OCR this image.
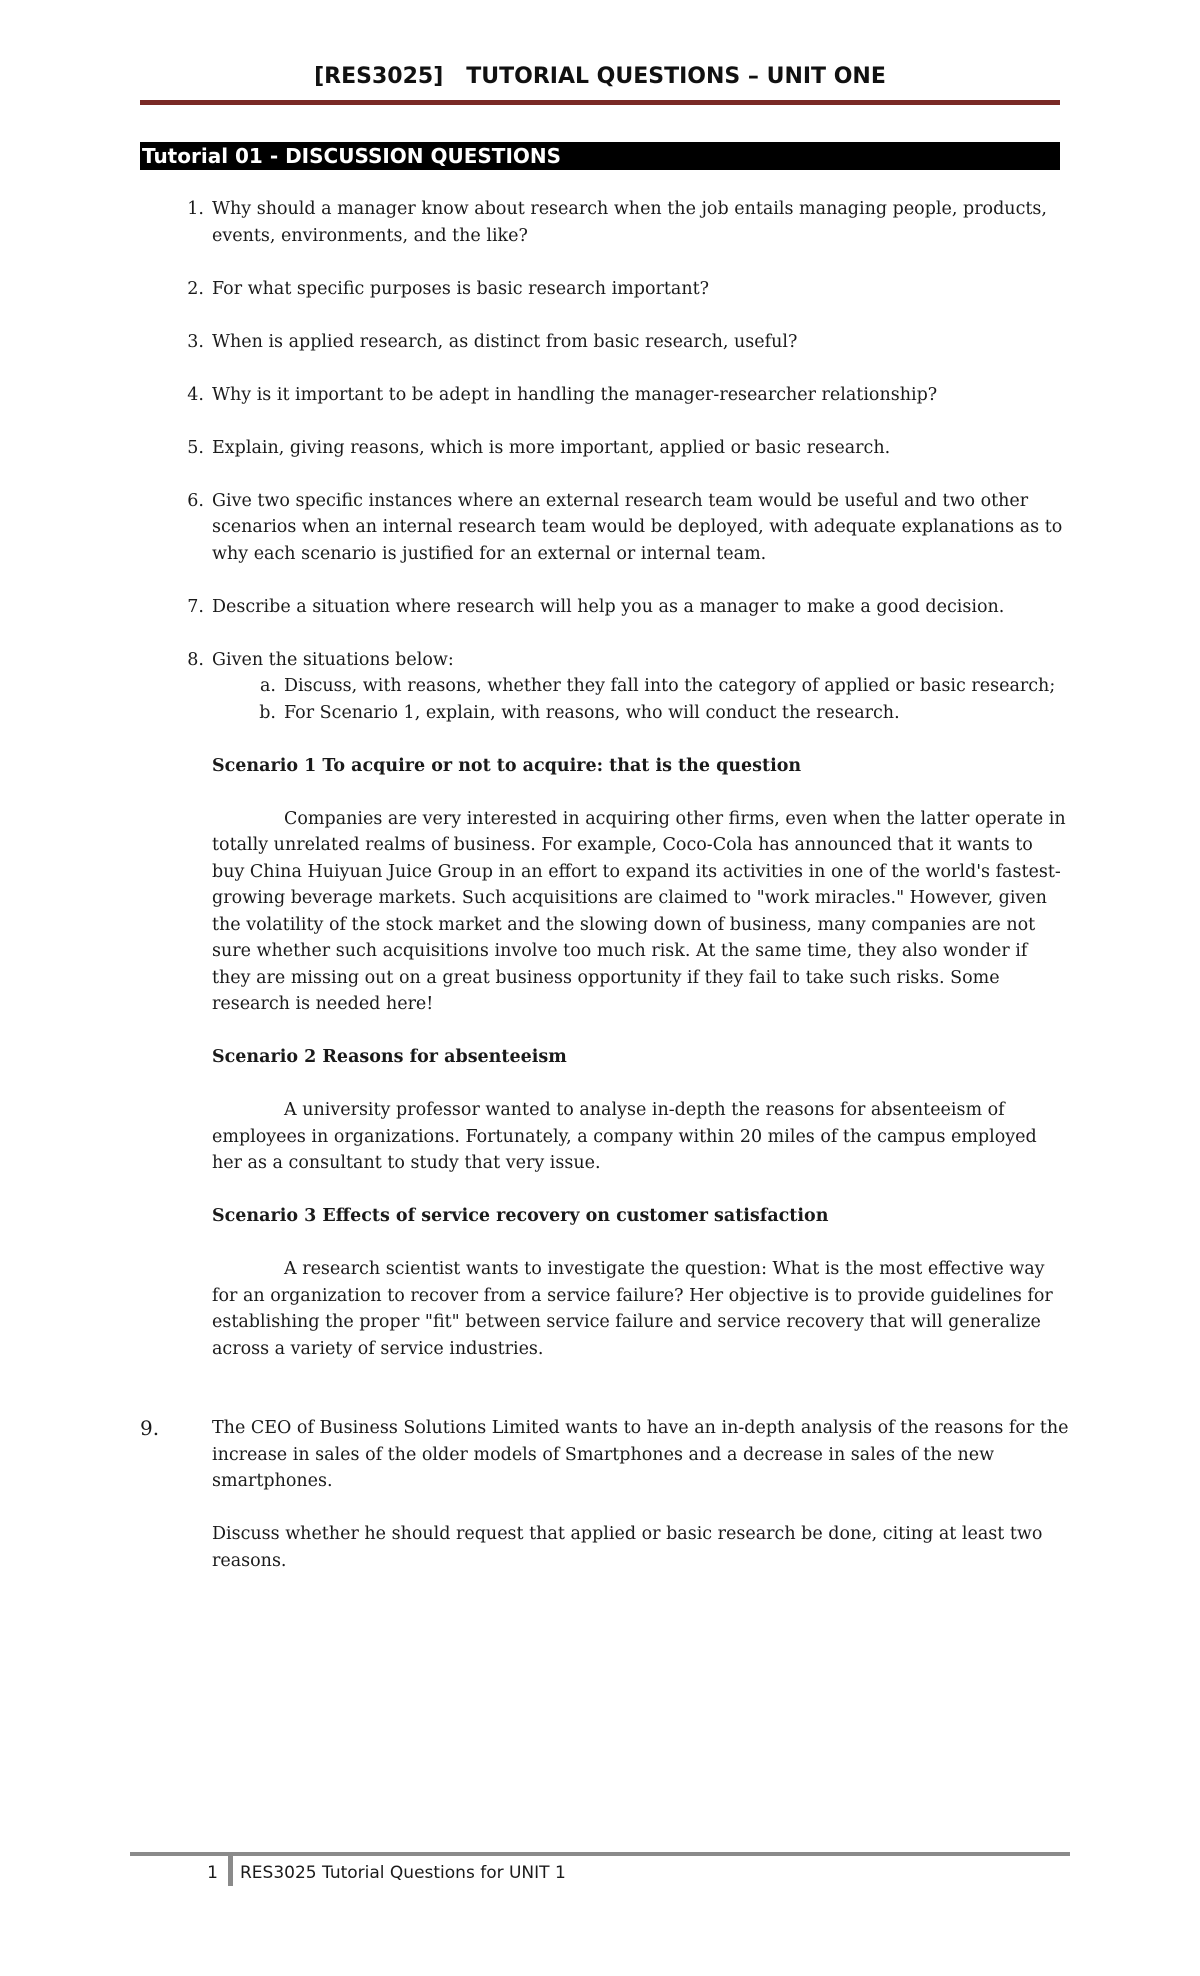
[RES3025]   TUTORIAL QUESTIONS – UNIT ONE
Tutorial 01 - DISCUSSION QUESTIONS
1. Why should a manager know about research when the job entails managing people, products, events, environments, and the like?
2. For what specific purposes is basic research important?
3. When is applied research, as distinct from basic research, useful?
4. Why is it important to be adept in handling the manager-researcher relationship?
5. Explain, giving reasons, which is more important, applied or basic research.
6. Give two specific instances where an external research team would be useful and two other scenarios when an internal research team would be deployed, with adequate explanations as to why each scenario is justified for an external or internal team.
7. Describe a situation where research will help you as a manager to make a good decision.
8. Given the situations below:
a. Discuss, with reasons, whether they fall into the category of applied or basic research;
b. For Scenario 1, explain, with reasons, who will conduct the research.
Scenario 1 To acquire or not to acquire: that is the question

Companies are very interested in acquiring other firms, even when the latter operate in totally unrelated realms of business. For example, Coco-Cola has announced that it wants to buy China Huiyuan Juice Group in an effort to expand its activities in one of the world's fastest-growing beverage markets. Such acquisitions are claimed to "work miracles." However, given the volatility of the stock market and the slowing down of business, many companies are not sure whether such acquisitions involve too much risk. At the same time, they also wonder if they are missing out on a great business opportunity if they fail to take such risks. Some research is needed here!

Scenario 2 Reasons for absenteeism

A university professor wanted to analyse in-depth the reasons for absenteeism of employees in organizations. Fortunately, a company within 20 miles of the campus employed her as a consultant to study that very issue.

Scenario 3 Effects of service recovery on customer satisfaction

A research scientist wants to investigate the question: What is the most effective way for an organization to recover from a service failure? Her objective is to provide guidelines for establishing the proper "fit" between service failure and service recovery that will generalize across a variety of service industries.

9.	The CEO of Business Solutions Limited wants to have an in-depth analysis of the reasons for the increase in sales of the older models of Smartphones and a decrease in sales of the new smartphones.

Discuss whether he should request that applied or basic research be done, citing at least two reasons.

1 RES3025 Tutorial Questions for UNIT 1
